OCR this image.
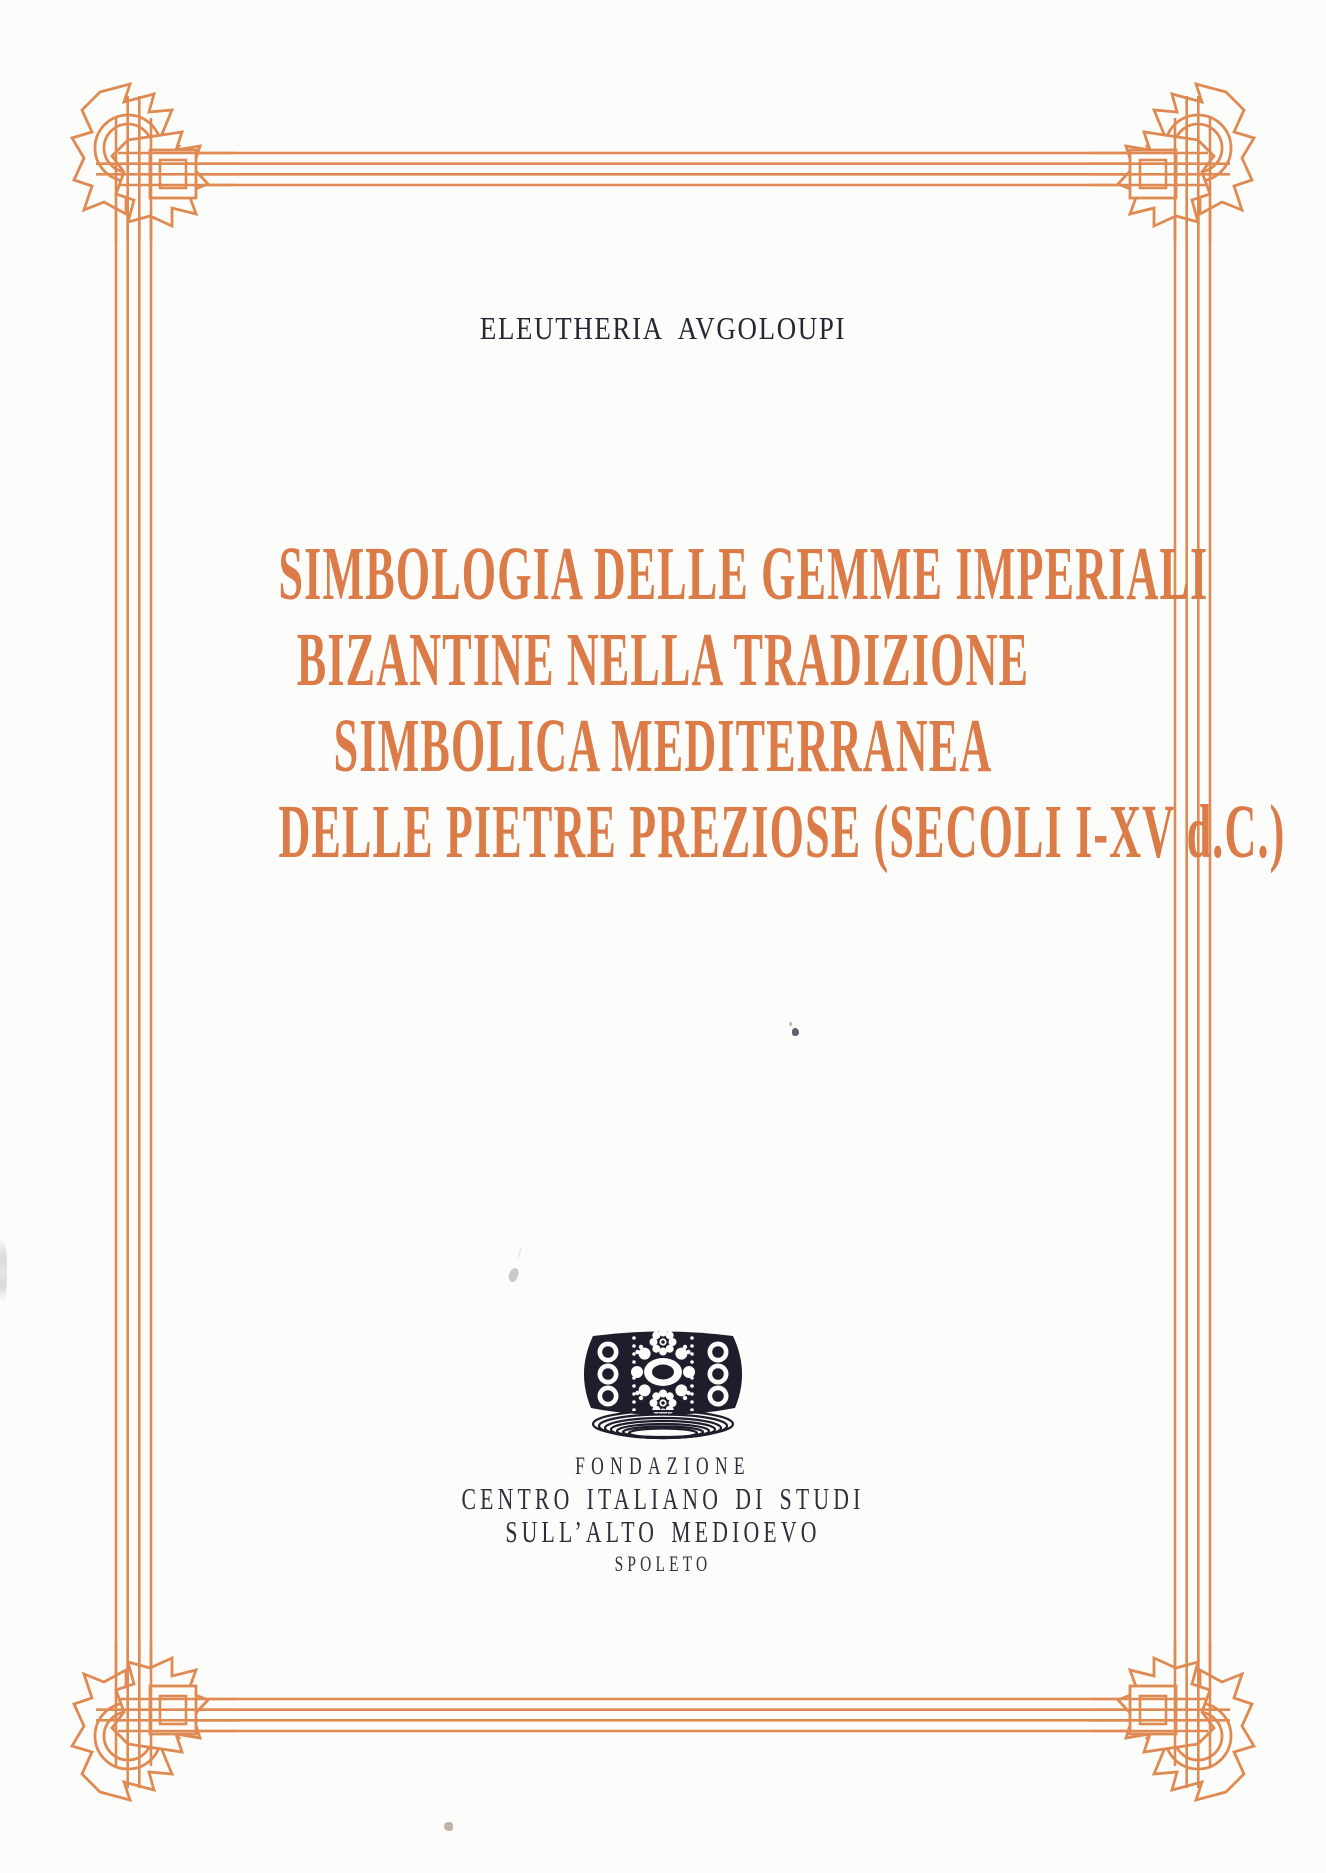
ELEUTHERIA  AVGOLOUPI
SIMBOLOGIA DELLE GEMME IMPERIALI
BIZANTINE NELLA TRADIZIONE
SIMBOLICA MEDITERRANEA
DELLE PIETRE PREZIOSE (SECOLI I-XV d.C.)
FONDAZIONE
CENTRO ITALIANO DI STUDI
SULL’ALTO MEDIOEVO
SPOLETO
